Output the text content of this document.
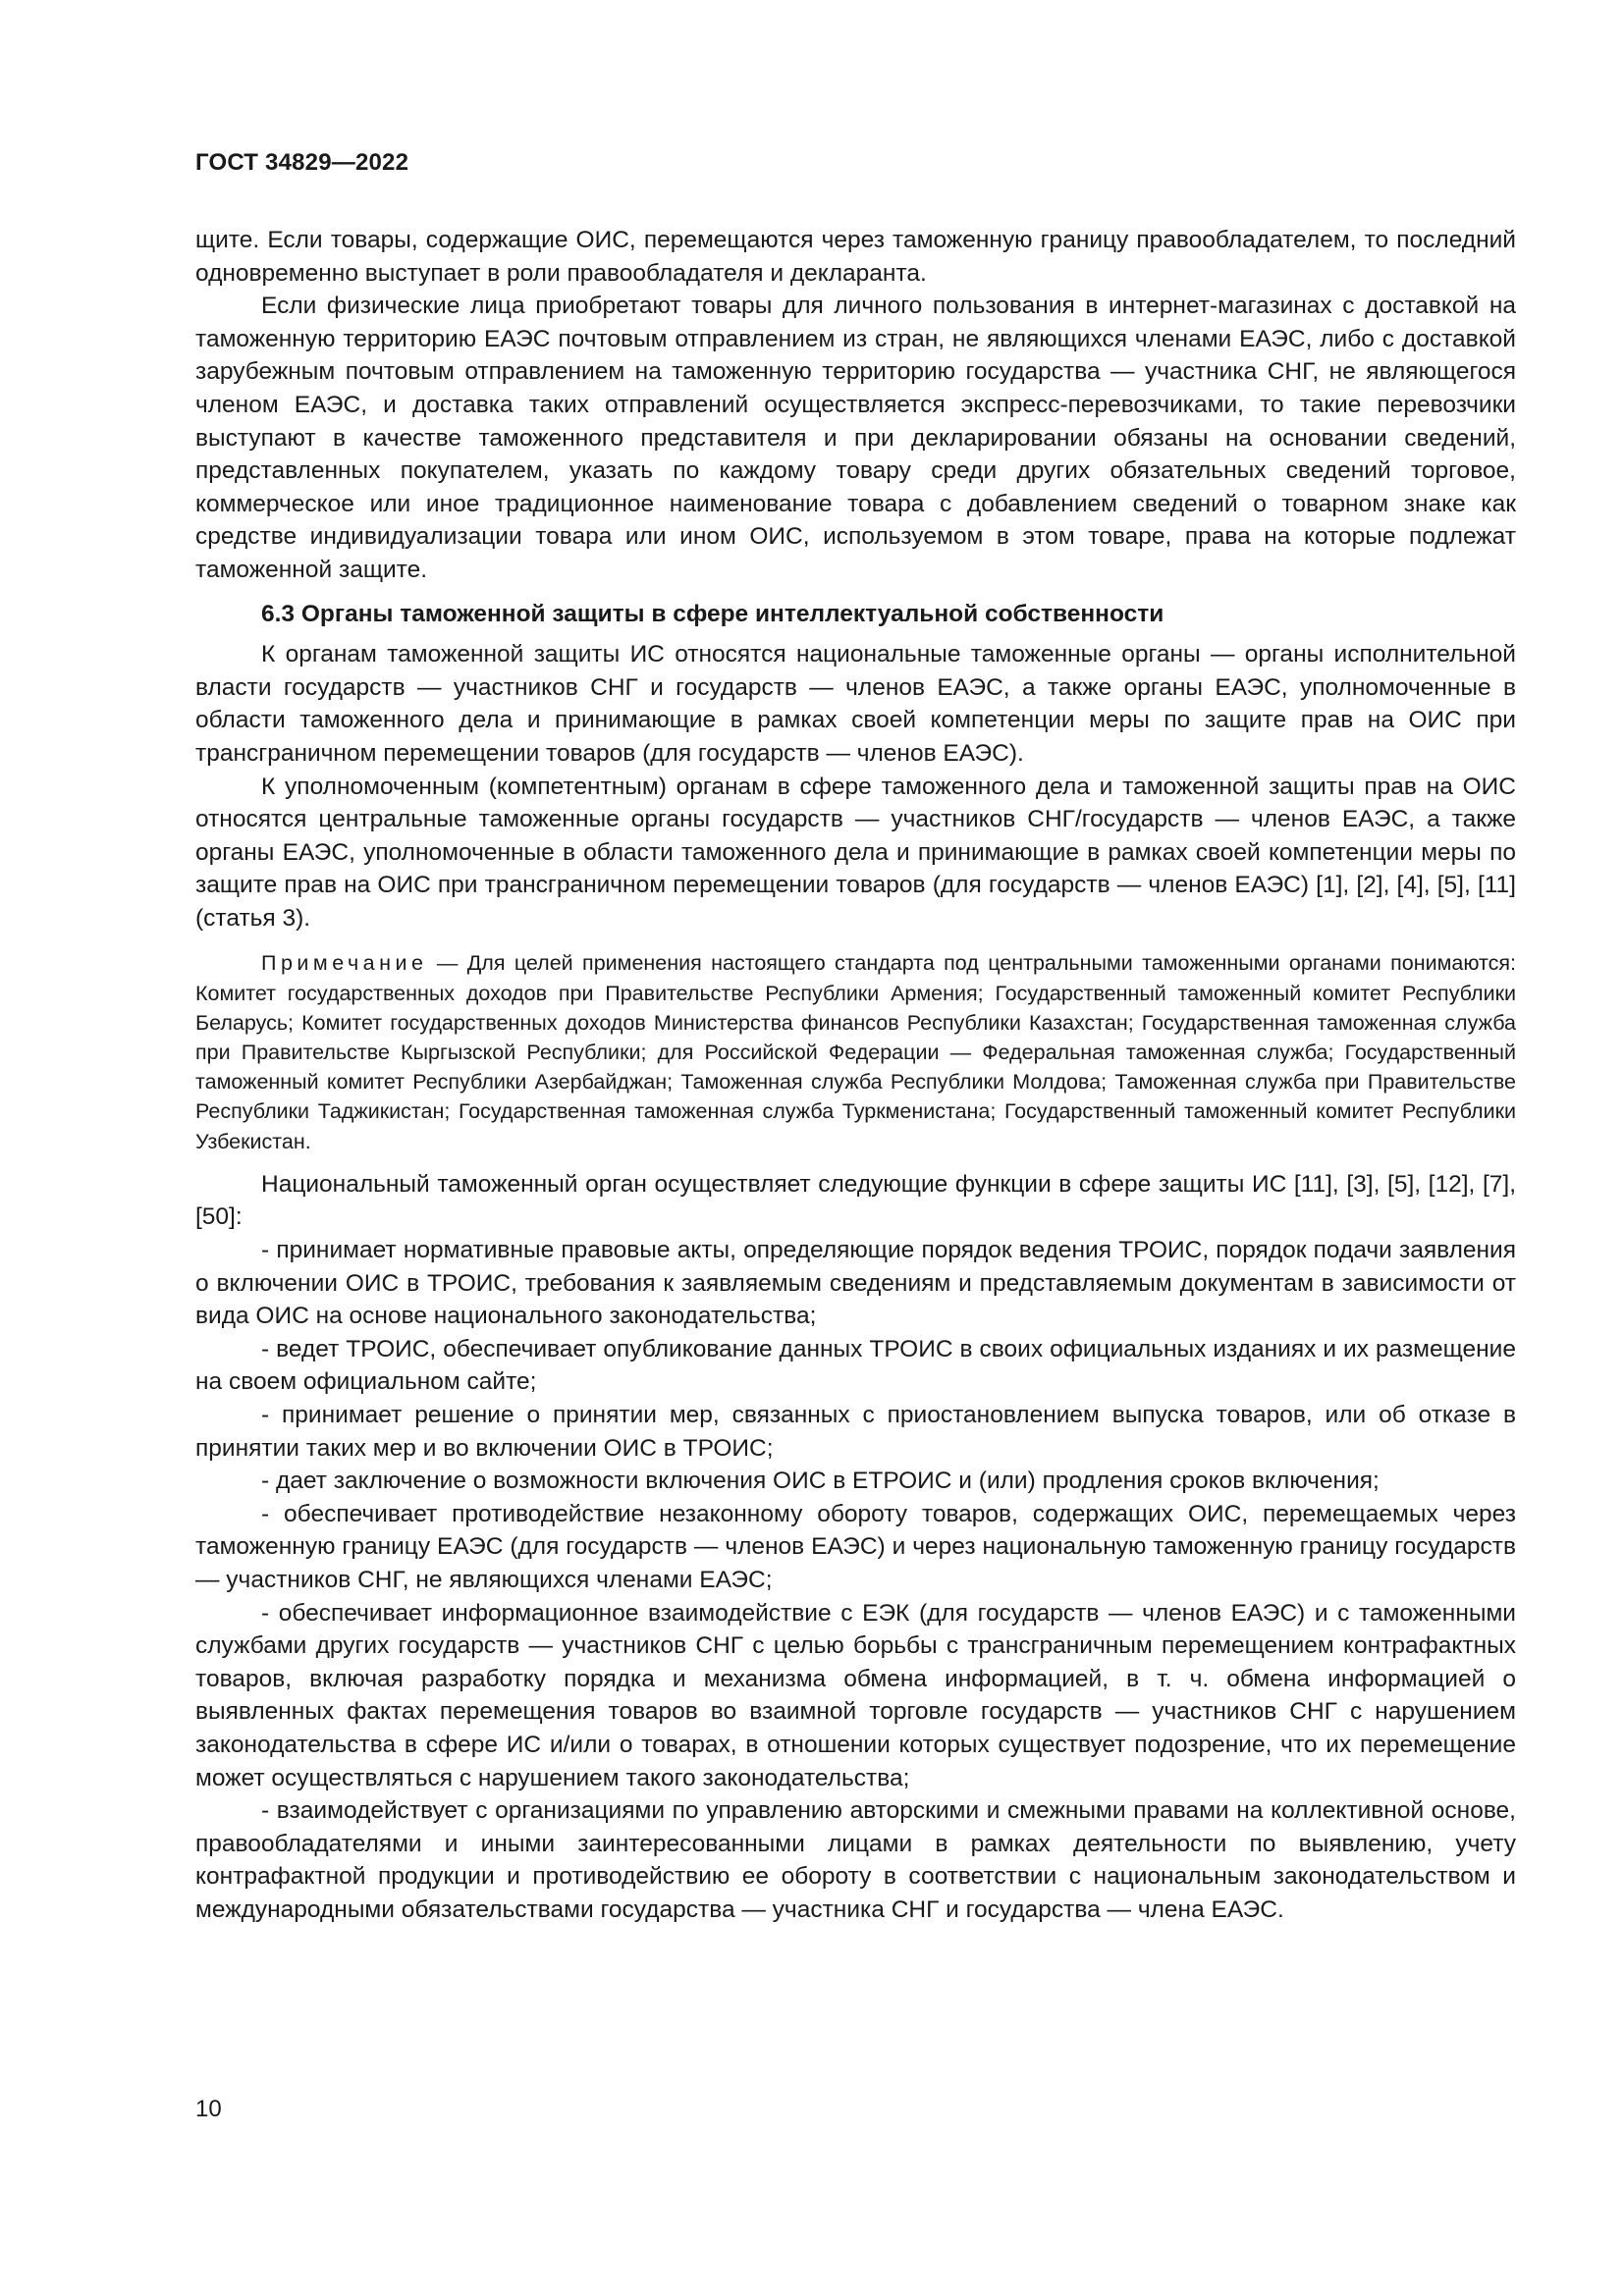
ГОСТ 34829—2022

щите. Если товары, содержащие ОИС, перемещаются через таможенную границу правообладателем, то последний одновременно выступает в роли правообладателя и декларанта.

Если физические лица приобретают товары для личного пользования в интернет-магазинах с доставкой на таможенную территорию ЕАЭС почтовым отправлением из стран, не являющихся членами ЕАЭС, либо с доставкой зарубежным почтовым отправлением на таможенную территорию государства — участника СНГ, не являющегося членом ЕАЭС, и доставка таких отправлений осуществляется экспресс-перевозчиками, то такие перевозчики выступают в качестве таможенного представителя и при декларировании обязаны на основании сведений, представленных покупателем, указать по каждому товару среди других обязательных сведений торговое, коммерческое или иное традиционное наименование товара с добавлением сведений о товарном знаке как средстве индивидуализации товара или ином ОИС, используемом в этом товаре, права на которые подлежат таможенной защите.

6.3 Органы таможенной защиты в сфере интеллектуальной собственности

К органам таможенной защиты ИС относятся национальные таможенные органы — органы исполнительной власти государств — участников СНГ и государств — членов ЕАЭС, а также органы ЕАЭС, уполномоченные в области таможенного дела и принимающие в рамках своей компетенции меры по защите прав на ОИС при трансграничном перемещении товаров (для государств — членов ЕАЭС).

К уполномоченным (компетентным) органам в сфере таможенного дела и таможенной защиты прав на ОИС относятся центральные таможенные органы государств — участников СНГ/государств — членов ЕАЭС, а также органы ЕАЭС, уполномоченные в области таможенного дела и принимающие в рамках своей компетенции меры по защите прав на ОИС при трансграничном перемещении товаров (для государств — членов ЕАЭС) [1], [2], [4], [5], [11] (статья 3).

Примечание — Для целей применения настоящего стандарта под центральными таможенными органами понимаются: Комитет государственных доходов при Правительстве Республики Армения; Государственный таможенный комитет Республики Беларусь; Комитет государственных доходов Министерства финансов Республики Казахстан; Государственная таможенная служба при Правительстве Кыргызской Республики; для Российской Федерации — Федеральная таможенная служба; Государственный таможенный комитет Республики Азербайджан; Таможенная служба Республики Молдова; Таможенная служба при Правительстве Республики Таджикистан; Государственная таможенная служба Туркменистана; Государственный таможенный комитет Республики Узбекистан.

Национальный таможенный орган осуществляет следующие функции в сфере защиты ИС [11], [3], [5], [12], [7], [50]:

- принимает нормативные правовые акты, определяющие порядок ведения ТРОИС, порядок подачи заявления о включении ОИС в ТРОИС, требования к заявляемым сведениям и представляемым документам в зависимости от вида ОИС на основе национального законодательства;

- ведет ТРОИС, обеспечивает опубликование данных ТРОИС в своих официальных изданиях и их размещение на своем официальном сайте;

- принимает решение о принятии мер, связанных с приостановлением выпуска товаров, или об отказе в принятии таких мер и во включении ОИС в ТРОИС;

- дает заключение о возможности включения ОИС в ЕТРОИС и (или) продления сроков включения;

- обеспечивает противодействие незаконному обороту товаров, содержащих ОИС, перемещаемых через таможенную границу ЕАЭС (для государств — членов ЕАЭС) и через национальную таможенную границу государств — участников СНГ, не являющихся членами ЕАЭС;

- обеспечивает информационное взаимодействие с ЕЭК (для государств — членов ЕАЭС) и с таможенными службами других государств — участников СНГ с целью борьбы с трансграничным перемещением контрафактных товаров, включая разработку порядка и механизма обмена информацией, в т. ч. обмена информацией о выявленных фактах перемещения товаров во взаимной торговле государств — участников СНГ с нарушением законодательства в сфере ИС и/или о товарах, в отношении которых существует подозрение, что их перемещение может осуществляться с нарушением такого законодательства;

- взаимодействует с организациями по управлению авторскими и смежными правами на коллективной основе, правообладателями и иными заинтересованными лицами в рамках деятельности по выявлению, учету контрафактной продукции и противодействию ее обороту в соответствии с национальным законодательством и международными обязательствами государства — участника СНГ и государства — члена ЕАЭС.

10
